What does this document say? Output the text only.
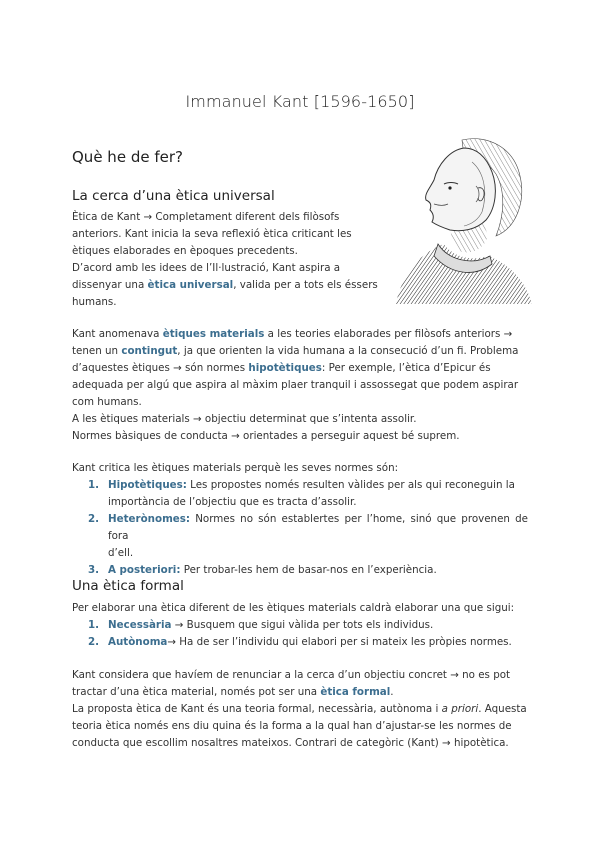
Immanuel Kant [1596-1650]
Què he de fer?
La cerca d’una ètica universal
Ètica de Kant → Completament diferent dels filòsofs
anteriors. Kant inicia la seva reflexió ètica criticant les
ètiques elaborades en èpoques precedents.
D’acord amb les idees de l’Il·lustració, Kant aspira a
dissenyar una ètica universal, valida per a tots els éssers
humans.
Kant anomenava ètiques materials a les teories elaborades per filòsofs anteriors →
tenen un contingut, ja que orienten la vida humana a la consecució d’un fi. Problema
d’aquestes ètiques → són normes hipotètiques: Per exemple, l’ètica d’Epicur és
adequada per algú que aspira al màxim plaer tranquil i assossegat que podem aspirar
com humans.
A les ètiques materials → objectiu determinat que s’intenta assolir.
Normes bàsiques de conducta → orientades a perseguir aquest bé suprem.
Kant critica les ètiques materials perquè les seves normes són:
1. Hipotètiques: Les propostes només resulten vàlides per als qui reconeguin la
importància de l’objectiu que es tracta d’assolir.
2. Heterònomes: Normes no són establertes per l’home, sinó que provenen de fora
d’ell.
3. A posteriori: Per trobar-les hem de basar-nos en l’experiència.
Una ètica formal
Per elaborar una ètica diferent de les ètiques materials caldrà elaborar una que sigui:
1. Necessària → Busquem que sigui vàlida per tots els individus.
2. Autònoma→ Ha de ser l’individu qui elabori per si mateix les pròpies normes.
Kant considera que havíem de renunciar a la cerca d’un objectiu concret → no es pot
tractar d’una ètica material, només pot ser una ètica formal.
La proposta ètica de Kant és una teoria formal, necessària, autònoma i a priori. Aquesta
teoria ètica només ens diu quina és la forma a la qual han d’ajustar-se les normes de
conducta que escollim nosaltres mateixos. Contrari de categòric (Kant) → hipotètica.
